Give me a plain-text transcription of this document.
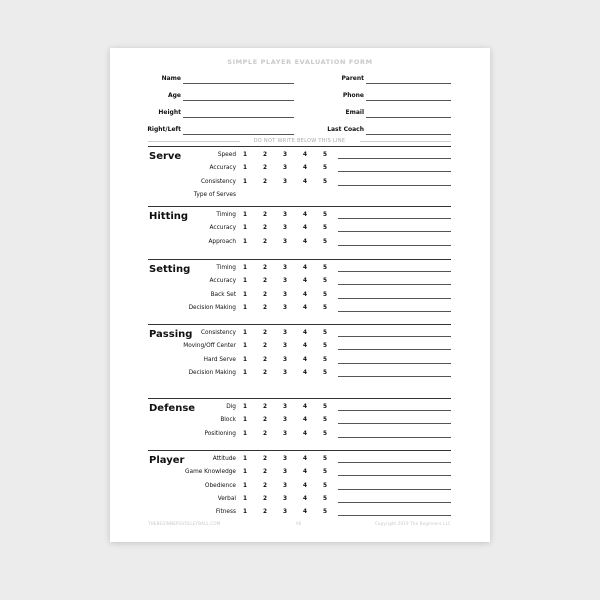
SIMPLE PLAYER EVALUATION FORM
Name	Parent
Age	Phone
Height	Email
Right/Left	Last Coach
DO NOT WRITE BELOW THIS LINE
Serve	Speed	1	2	3	4	5
Accuracy	1	2	3	4	5
Consistency	1	2	3	4	5
Type of Serves
Hitting	Timing	1	2	3	4	5
Accuracy	1	2	3	4	5
Approach	1	2	3	4	5
Setting	Timing	1	2	3	4	5
Accuracy	1	2	3	4	5
Back Set	1	2	3	4	5
Decision Making	1	2	3	4	5
Passing Consistency	1	2	3	4	5
Moving/Off Center	1	2	3	4	5
Hard Serve	1	2	3	4	5
Decision Making	1	2	3	4	5
Defense	Dig	1	2	3	4	5
Block	1	2	3	4	5
Positioning	1	2	3	4	5
Player	Attitude	1	2	3	4	5
Game Knowledge	1	2	3	4	5
Obedience	1	2	3	4	5
Verbal	1	2	3	4	5
Fitness	1	2	3	4	5
THEBEGINNERSVOLLEYBALL.COM	96	Copyright 2019 The Beginners LLC
